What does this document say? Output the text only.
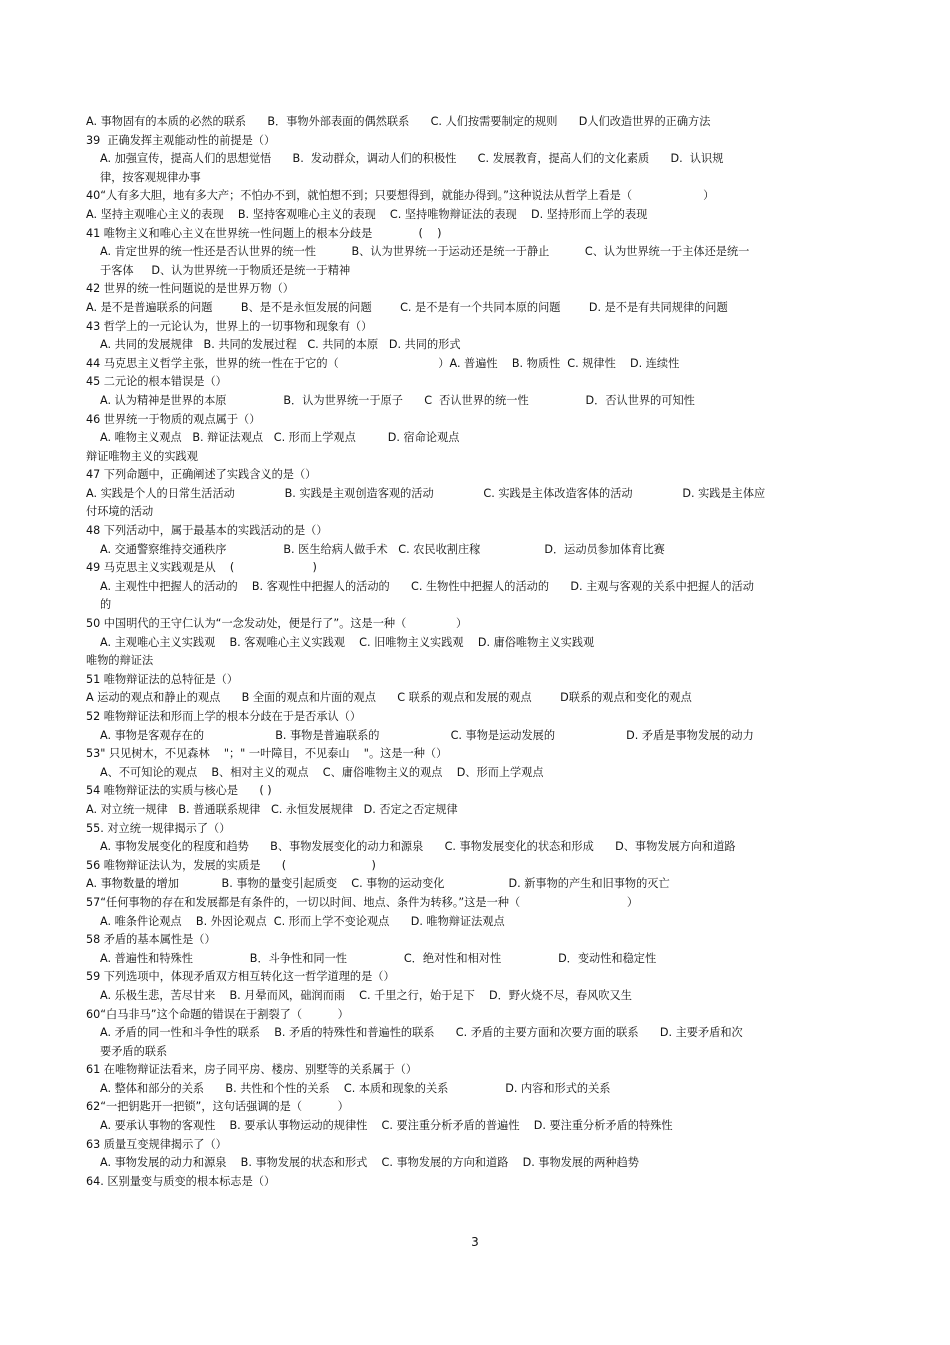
A. 事物固有的本质的必然的联系      B．事物外部表面的偶然联系      C. 人们按需要制定的规则      D人们改造世界的正确方法
39  正确发挥主观能动性的前提是（）
A. 加强宣传，提高人们的思想觉悟      B.  发动群众，调动人们的积极性      C. 发展教育，提高人们的文化素质      D.  认识规
律，按客观规律办事
40“人有多大胆，地有多大产；不怕办不到，就怕想不到；只要想得到，就能办得到。”这种说法从哲学上看是（                    ）
A. 坚持主观唯心主义的表现    B. 坚持客观唯心主义的表现    C. 坚持唯物辩证法的表现    D. 坚持形而上学的表现
41 唯物主义和唯心主义在世界统一性问题上的根本分歧是             (    )
A. 肯定世界的统一性还是否认世界的统一性          B、认为世界统一于运动还是统一于静止          C、认为世界统一于主体还是统一
于客体     D、认为世界统一于物质还是统一于精神
42 世界的统一性问题说的是世界万物（）
A. 是不是普遍联系的问题        B、是不是永恒发展的问题        C. 是不是有一个共同本原的问题        D. 是不是有共同规律的问题
43 哲学上的一元论认为，世界上的一切事物和现象有（）
A. 共同的发展规律   B. 共同的发展过程   C. 共同的本原   D. 共同的形式
44 马克思主义哲学主张，世界的统一性在于它的（                            ）A. 普遍性    B. 物质性  C. 规律性    D. 连续性
45 二元论的根本错误是（）
A. 认为精神是世界的本原                B．认为世界统一于原子      C  否认世界的统一性                D．否认世界的可知性
46 世界统一于物质的观点属于（）
A. 唯物主义观点   B. 辩证法观点   C. 形而上学观点         D. 宿命论观点
辩证唯物主义的实践观
47 下列命题中，正确阐述了实践含义的是（）
A. 实践是个人的日常生活活动              B. 实践是主观创造客观的活动              C. 实践是主体改造客体的活动              D. 实践是主体应
付环境的活动
48 下列活动中，属于最基本的实践活动的是（）
A. 交通警察维持交通秩序                B. 医生给病人做手术   C. 农民收割庄稼                  D．运动员参加体育比赛
49 马克思主义实践观是从    (                      )
A. 主观性中把握人的活动的    B. 客观性中把握人的活动的      C. 生物性中把握人的活动的      D. 主观与客观的关系中把握人的活动
的
50 中国明代的王守仁认为“一念发动处，便是行了”。这是一种（              ）
A. 主观唯心主义实践观    B. 客观唯心主义实践观    C. 旧唯物主义实践观    D. 庸俗唯物主义实践观
唯物的辩证法
51 唯物辩证法的总特征是（）
A 运动的观点和静止的观点      B 全面的观点和片面的观点      C 联系的观点和发展的观点        D联系的观点和变化的观点
52 唯物辩证法和形而上学的根本分歧在于是否承认（）
A. 事物是客观存在的                    B. 事物是普遍联系的                    C. 事物是运动发展的                    D. 矛盾是事物发展的动力
53" 只见树木，不见森林    "；" 一叶障目，不见泰山    "。这是一种（）
A、不可知论的观点    B、相对主义的观点    C、庸俗唯物主义的观点    D、形而上学观点
54 唯物辩证法的实质与核心是      ( )
A. 对立统一规律   B. 普通联系规律   C. 永恒发展规律   D. 否定之否定规律
55. 对立统一规律揭示了（）
A. 事物发展变化的程度和趋势      B、事物发展变化的动力和源泉      C. 事物发展变化的状态和形成      D、事物发展方向和道路
56 唯物辩证法认为，发展的实质是      (                        )
A. 事物数量的增加            B. 事物的量变引起质变    C. 事物的运动变化                  D. 新事物的产生和旧事物的灭亡
57“任何事物的存在和发展都是有条件的，一切以时间、地点、条件为转移。”这是一种（                              ）
A. 唯条件论观点    B. 外因论观点  C. 形而上学不变论观点      D. 唯物辩证法观点
58 矛盾的基本属性是（）
A. 普遍性和特殊性                B．斗争性和同一性                C．绝对性和相对性                D．变动性和稳定性
59 下列选项中，体现矛盾双方相互转化这一哲学道理的是（）
A. 乐极生悲，苦尽甘来    B. 月晕而风，础润而雨    C. 千里之行，始于足下    D．野火烧不尽，春风吹又生
60“白马非马”这个命题的错误在于割裂了（          ）
A. 矛盾的同一性和斗争性的联系    B. 矛盾的特殊性和普遍性的联系      C. 矛盾的主要方面和次要方面的联系      D. 主要矛盾和次
要矛盾的联系
61 在唯物辩证法看来，房子同平房、楼房、别墅等的关系属于（）
A. 整体和部分的关系      B. 共性和个性的关系    C. 本质和现象的关系                D. 内容和形式的关系
62“一把钥匙开一把锁”，这句话强调的是（          ）
A. 要承认事物的客观性    B. 要承认事物运动的规律性    C. 要注重分析矛盾的普遍性    D. 要注重分析矛盾的特殊性
63 质量互变规律揭示了（）
A. 事物发展的动力和源泉    B. 事物发展的状态和形式    C. 事物发展的方向和道路    D. 事物发展的两种趋势
64. 区别量变与质变的根本标志是（）
3
